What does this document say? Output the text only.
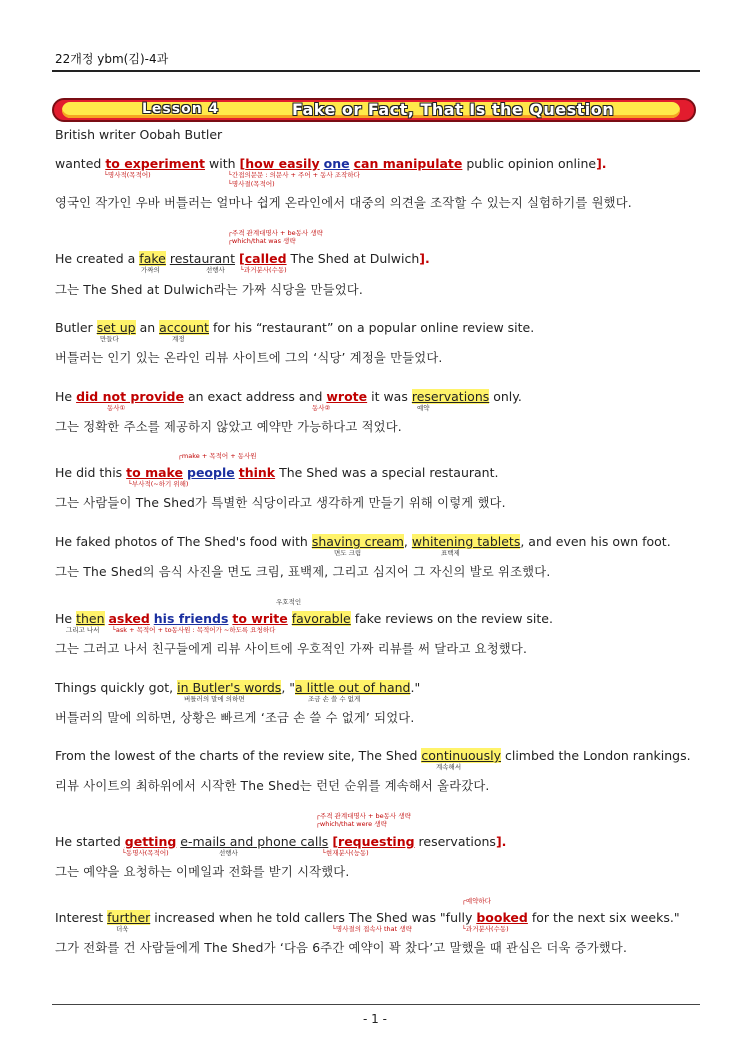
22개정 ybm(김)-4과
Lesson 4	Fake or Fact, That Is the Question
British writer Oobah Butler
wanted to experiment with [how easily one can manipulate public opinion online].
└명사적(목적어)	└간접의문문 : 의문사 + 주어 + 동사 조작하다
└명사절(목적어)
영국인 작가인 우바 버틀러는 얼마나 쉽게 온라인에서 대중의 의견을 조작할 수 있는지 실험하기를 원했다.
┌주격 관계대명사 + be동사 생략
┌which/that was 생략
He created a fake restaurant [called The Shed at Dulwich].
가짜의	선행사 └과거분사(수동)
그는 The Shed at Dulwich라는 가짜 식당을 만들었다.
Butler set up an account for his “restaurant” on a popular online review site.
만들다	계정
버틀러는 인기 있는 온라인 리뷰 사이트에 그의 ‘식당’ 계정을 만들었다.
He did not provide an exact address and wrote it was reservations only.
동사①	동사②	예약
그는 정확한 주소를 제공하지 않았고 예약만 가능하다고 적었다.
┌make + 목적어 + 동사원
He did this to make people think The Shed was a special restaurant.
└부사적(~하기 위해)
그는 사람들이 The Shed가 특별한 식당이라고 생각하게 만들기 위해 이렇게 했다.
He faked photos of The Shed's food with shaving cream, whitening tablets, and even his own foot.
면도 크림	표백제
그는 The Shed의 음식 사진을 면도 크림, 표백제, 그리고 심지어 그 자신의 발로 위조했다.
우호적인
He then asked his friends to write favorable fake reviews on the review site.
그리고 나서 └ask + 목적어 + to동사원 : 목적어가 ~하도록 요청하다
그는 그러고 나서 친구들에게 리뷰 사이트에 우호적인 가짜 리뷰를 써 달라고 요청했다.
Things quickly got, in Butler's words, "a little out of hand."
버틀러의 말에 의하면	조금 손 쓸 수 없게
버틀러의 말에 의하면, 상황은 빠르게 ‘조금 손 쓸 수 없게’ 되었다.
From the lowest of the charts of the review site, The Shed continuously climbed the London rankings.
계속해서
리뷰 사이트의 최하위에서 시작한 The Shed는 런던 순위를 계속해서 올라갔다.
┌주격 관계대명사 + be동사 생략
┌which/that were 생략
He started getting e-mails and phone calls [requesting reservations].
└동명사(목적어)	선행사	└현재분사(능동)
그는 예약을 요청하는 이메일과 전화를 받기 시작했다.
┌예약하다
Interest further increased when he told callers The Shed was "fully booked for the next six weeks."
더욱	└명사절의 접속사 that 생략	└과거분사(수동)
그가 전화를 건 사람들에게 The Shed가 ‘다음 6주간 예약이 꽉 찼다’고 말했을 때 관심은 더욱 증가했다.
- 1 -
